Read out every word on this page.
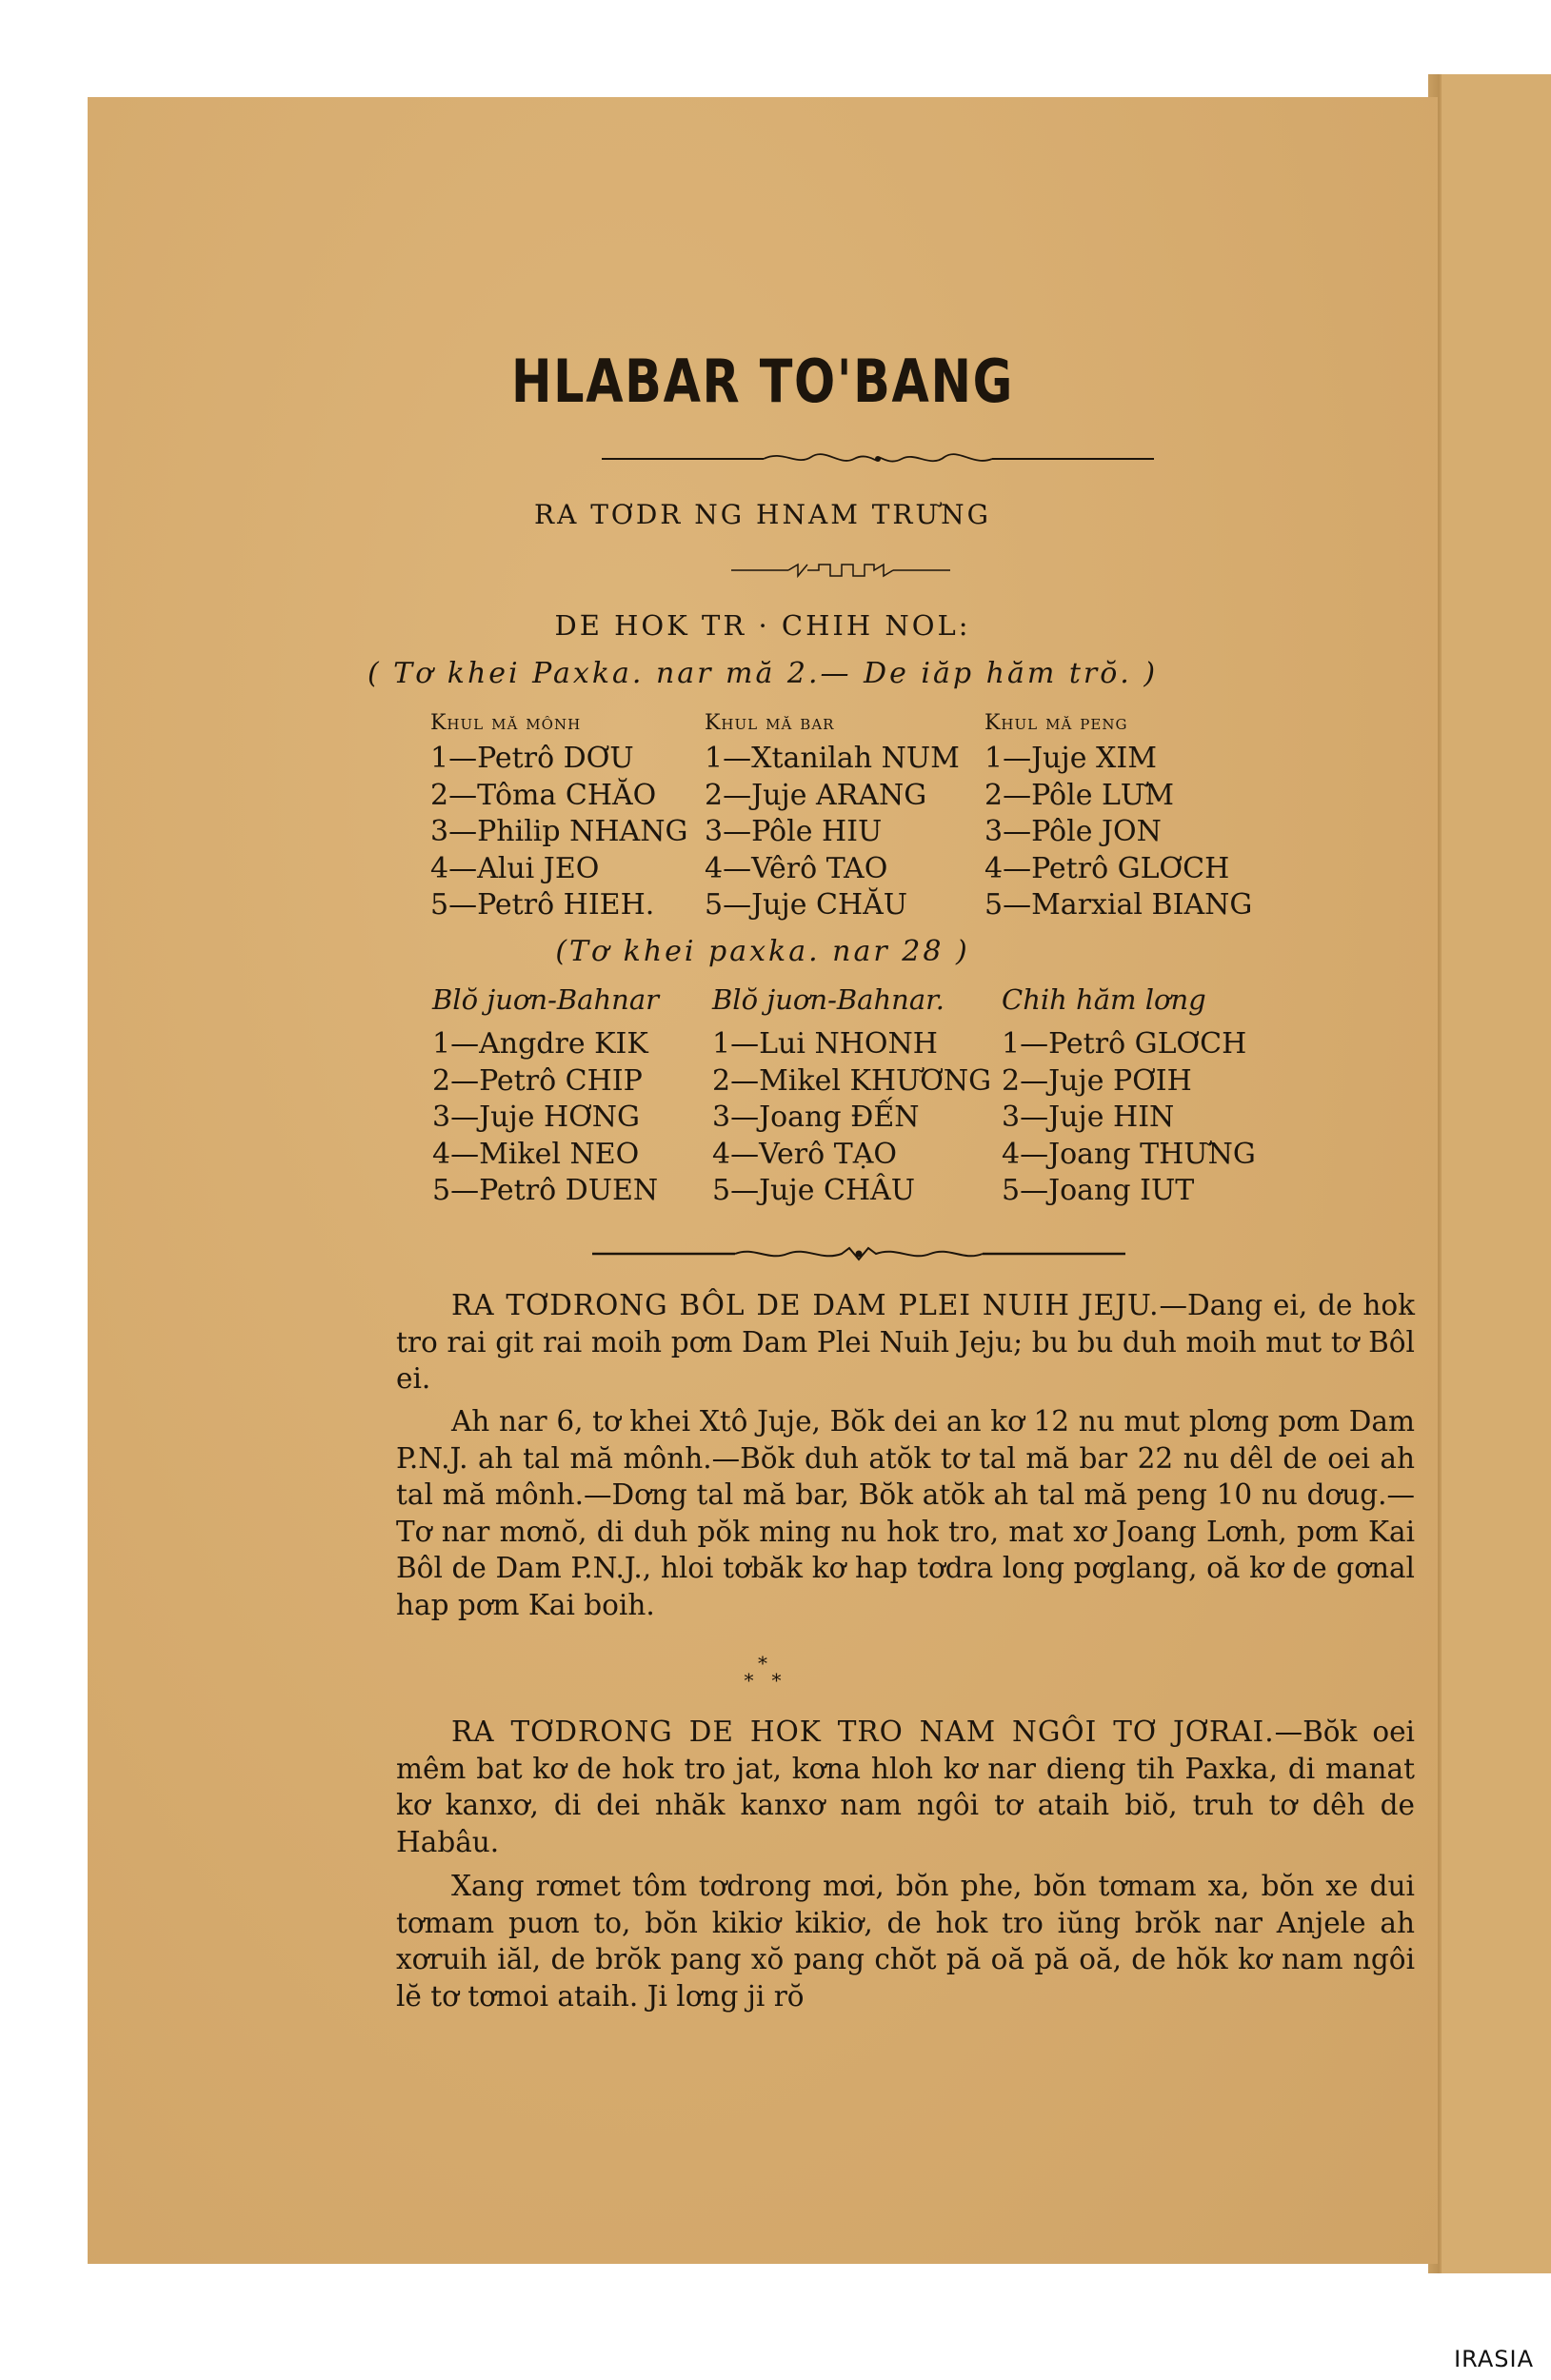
HLABAR TO'BANG
RA TƠDR NG HNAM TRƯNG
DE HOK TR · CHIH NOL:
( Tơ khei Paxka. nar mă 2.— De iăp hăm trŏ. )
Khul mă mônh
1—Petrô DƠU
2—Tôma CHĂO
3—Philip NHANG
4—Alui JEO
5—Petrô HIEH.
Khul mă bar
1—Xtanilah NUM
2—Juje ARANG
3—Pôle HIU
4—Vêrô TAO
5—Juje CHĂU
Khul mă peng
1—Juje XIM
2—Pôle LƯM
3—Pôle JON
4—Petrô GLƠCH
5—Marxial BIANG
(Tơ khei paxka. nar 28 )
Blŏ juơn-Bahnar
1—Angdre KIK
2—Petrô CHIP
3—Juje HƠNG
4—Mikel NEO
5—Petrô DUEN
Blŏ juơn-Bahnar.
1—Lui NHONH
2—Mikel KHƯƠNG
3—Joang ĐẾN
4—Verô TẠO
5—Juje CHÂU
Chih hăm lơng
1—Petrô GLƠCH
2—Juje PƠIH
3—Juje HIN
4—Joang THƯNG
5—Joang IUT

RA TƠDRONG BÔL DE DAM PLEI NUIH JEJU.—Dang ei, de hok tro rai git rai moih pơm Dam Plei Nuih Jeju; bu bu duh moih mut tơ Bôl ei.

Ah nar 6, tơ khei Xtô Juje, Bŏk dei an kơ 12 nu mut plơng pơm Dam P.N.J. ah tal mă mônh.—Bŏk duh atŏk tơ tal mă bar 22 nu dêl de oei ah tal mă mônh.—Dơng tal mă bar, Bŏk atŏk ah tal mă peng 10 nu dơug.—Tơ nar mơnŏ, di duh pŏk ming nu hok tro, mat xơ Joang Lơnh, pơm Kai Bôl de Dam P.N.J., hloi tơbăk kơ hap tơdra long pơglang, oă kơ de gơnal hap pơm Kai boih.

*
*   *

RA TƠDRONG DE HOK TRO NAM NGÔI TƠ JƠRAI.—Bŏk oei mêm bat kơ de hok tro jat, kơna hloh kơ nar dieng tih Paxka, di manat kơ kanxơ, di dei nhăk kanxơ nam ngôi tơ ataih biŏ, truh tơ dêh de Habâu.

Xang rơmet tôm tơdrong mơi, bŏn phe, bŏn tơmam xa, bŏn xe dui tơmam puơn to, bŏn kikiơ kikiơ, de hok tro iŭng brŏk nar Anjele ah xơruih iăl, de brŏk pang xŏ pang chŏt pă oă pă oă, de hŏk kơ nam ngôi lĕ tơ tơmoi ataih. Ji lơng ji rŏ

IRASIA
